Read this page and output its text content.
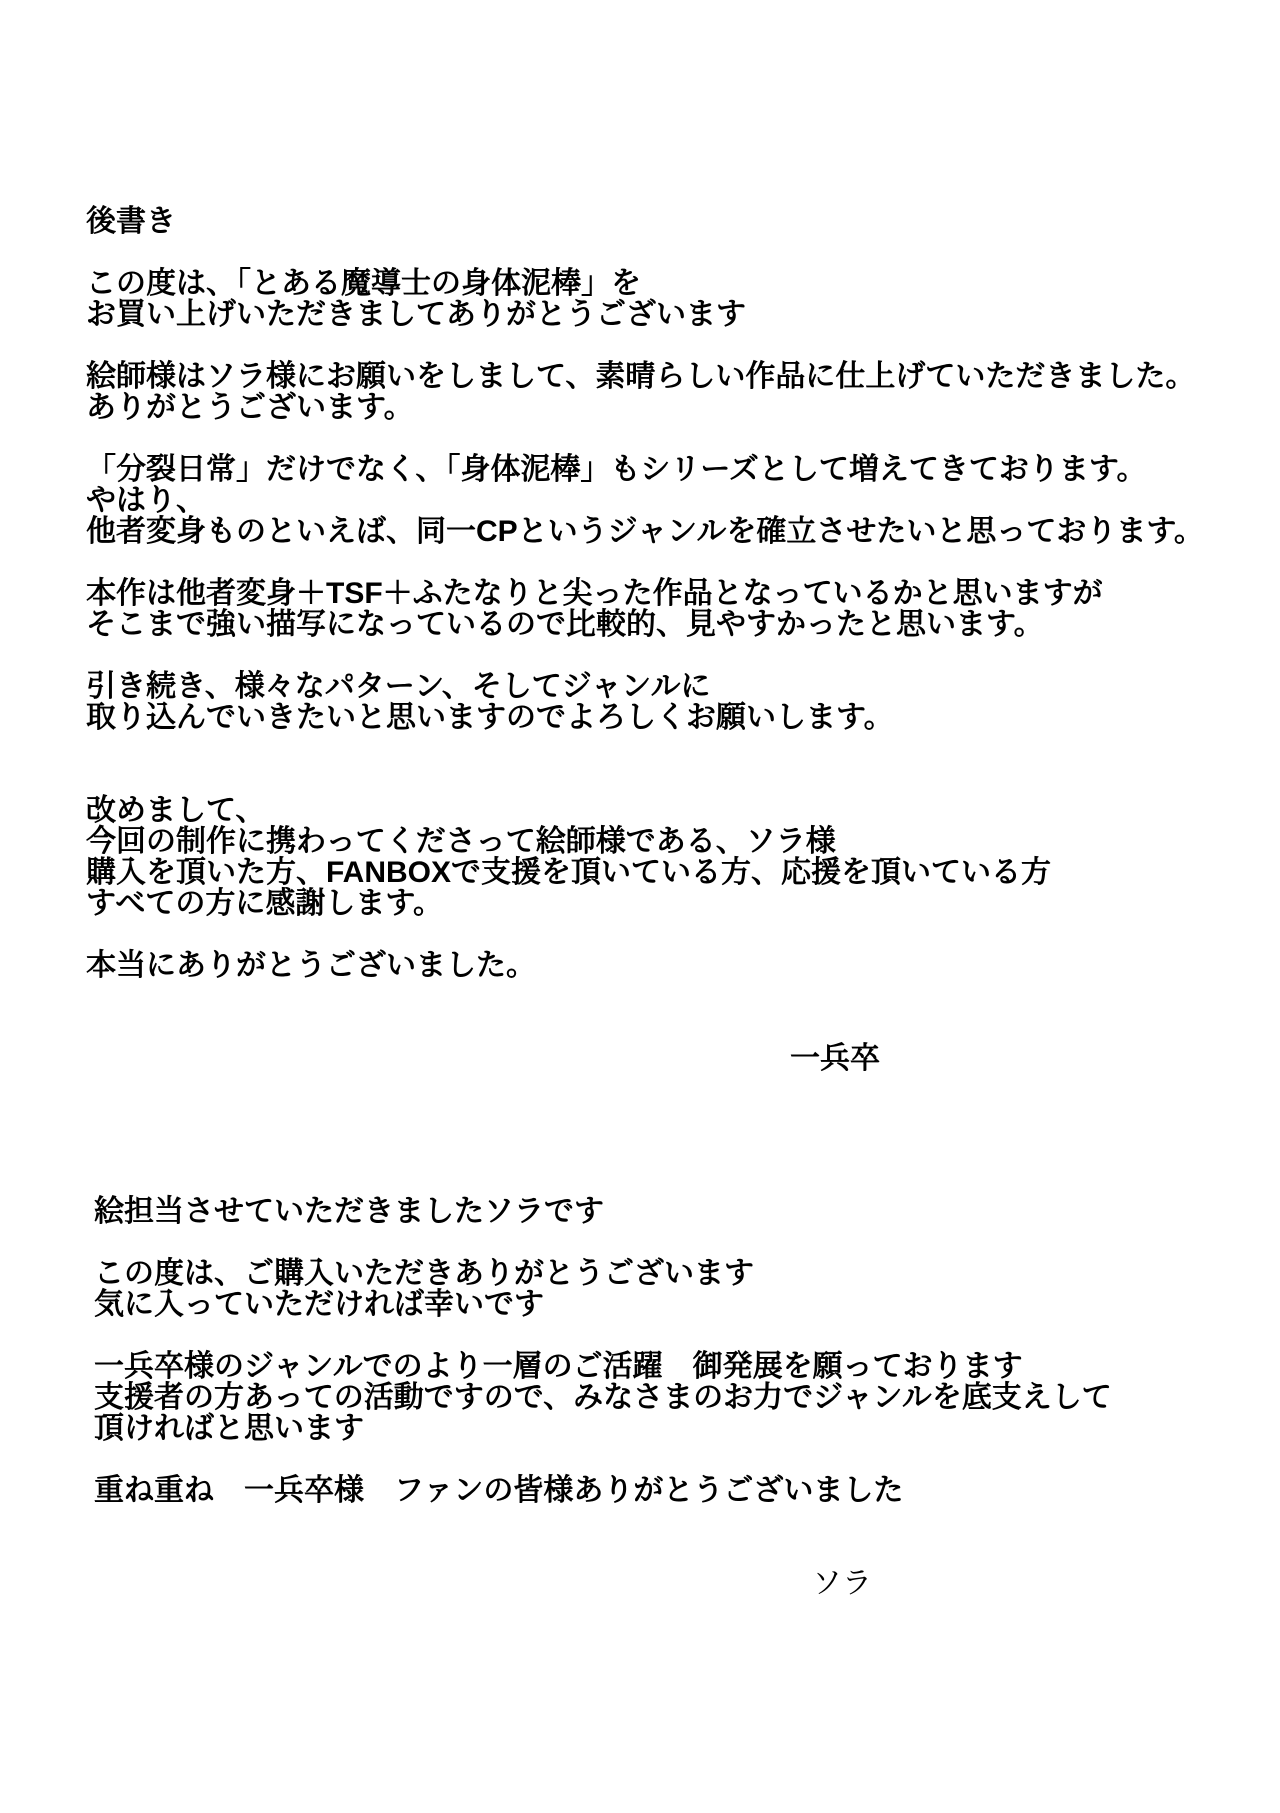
後書き
この度は、「とある魔導士の身体泥棒」を
お買い上げいただきましてありがとうございます
絵師様はソラ様にお願いをしまして、素晴らしい作品に仕上げていただきました。
ありがとうございます。
「分裂日常」だけでなく、「身体泥棒」もシリーズとして増えてきております。
やはり、
他者変身ものといえば、同一CPというジャンルを確立させたいと思っております。
本作は他者変身＋TSF＋ふたなりと尖った作品となっているかと思いますが
そこまで強い描写になっているので比較的、見やすかったと思います。
引き続き、様々なパターン、そしてジャンルに
取り込んでいきたいと思いますのでよろしくお願いします。
改めまして、
今回の制作に携わってくださって絵師様である、ソラ様
購入を頂いた方、FANBOXで支援を頂いている方、応援を頂いている方
すべての方に感謝します。
本当にありがとうございました。
一兵卒
絵担当させていただきましたソラです
この度は、ご購入いただきありがとうございます
気に入っていただければ幸いです
一兵卒様のジャンルでのより一層のご活躍　御発展を願っております
支援者の方あっての活動ですので、みなさまのお力でジャンルを底支えして
頂ければと思います
重ね重ね　一兵卒様　ファンの皆様ありがとうございました
ソラ
